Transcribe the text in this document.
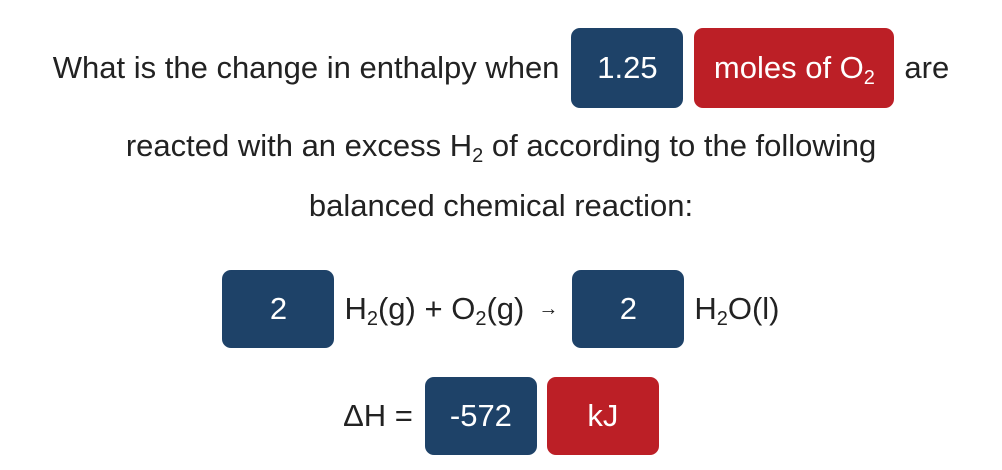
What is the change in enthalpy when 1.25 moles of $O_2$ are
reacted with an excess $H_2$ of according to the following
balanced chemical reaction:
2 $H_2(g) + O_2(g) \to 2$ $H_2O(l)$
ΔH = -572 kJ
